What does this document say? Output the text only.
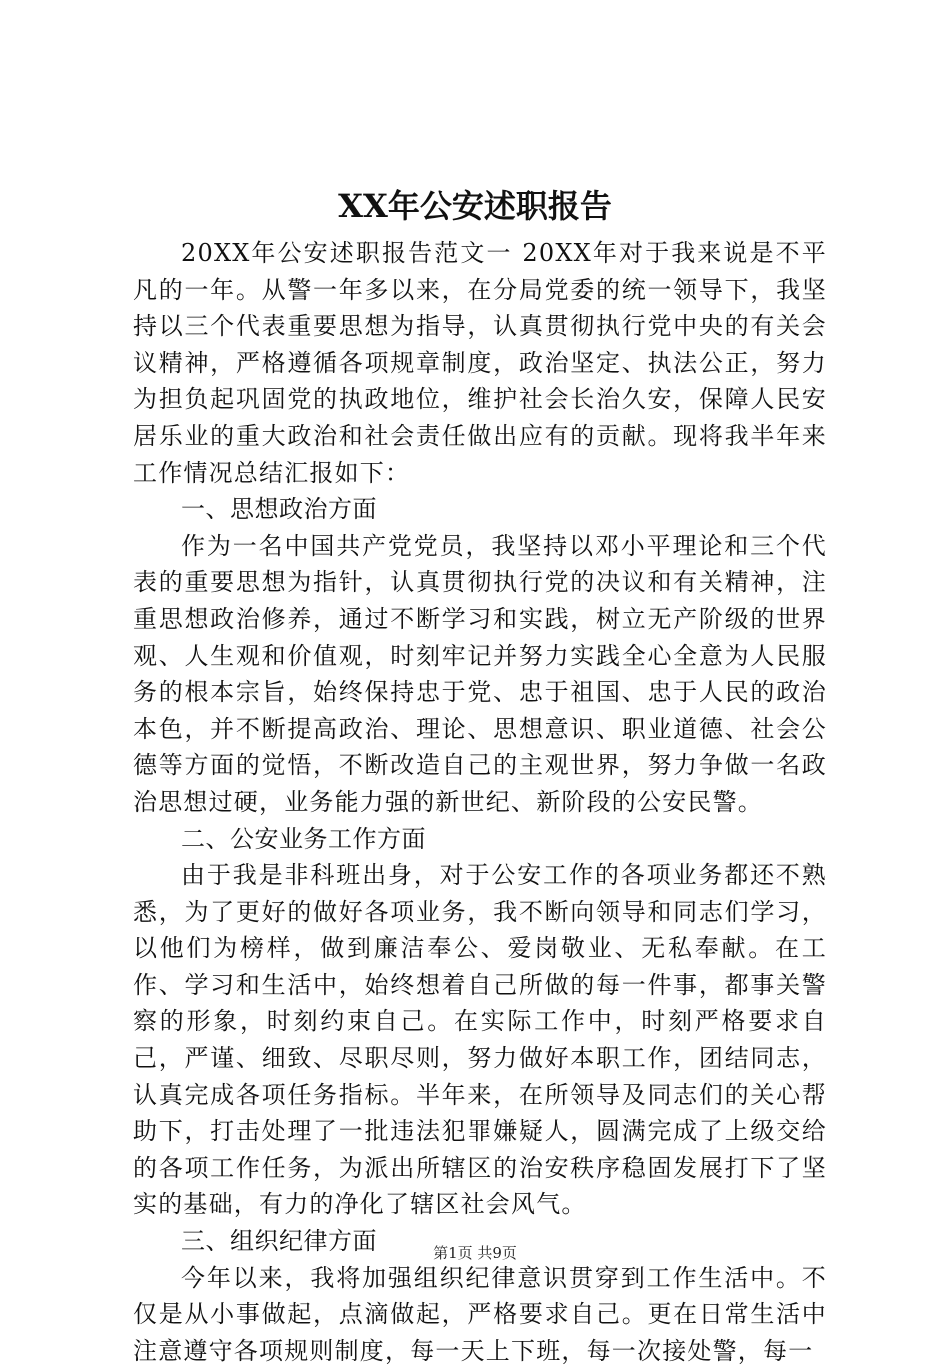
XX年公安述职报告

20XX年公安述职报告范文一 20XX年对于我来说是不平凡的一年。从警一年多以来，在分局党委的统一领导下，我坚持以三个代表重要思想为指导，认真贯彻执行党中央的有关会议精神，严格遵循各项规章制度，政治坚定、执法公正，努力为担负起巩固党的执政地位，维护社会长治久安，保障人民安居乐业的重大政治和社会责任做出应有的贡献。现将我半年来工作情况总结汇报如下：

一、思想政治方面

作为一名中国共产党党员，我坚持以邓小平理论和三个代表的重要思想为指针，认真贯彻执行党的决议和有关精神，注重思想政治修养，通过不断学习和实践，树立无产阶级的世界观、人生观和价值观，时刻牢记并努力实践全心全意为人民服务的根本宗旨，始终保持忠于党、忠于祖国、忠于人民的政治本色，并不断提高政治、理论、思想意识、职业道德、社会公德等方面的觉悟，不断改造自己的主观世界，努力争做一名政治思想过硬，业务能力强的新世纪、新阶段的公安民警。

二、公安业务工作方面

由于我是非科班出身，对于公安工作的各项业务都还不熟悉，为了更好的做好各项业务，我不断向领导和同志们学习，以他们为榜样，做到廉洁奉公、爱岗敬业、无私奉献。在工作、学习和生活中，始终想着自己所做的每一件事，都事关警察的形象，时刻约束自己。在实际工作中，时刻严格要求自己，严谨、细致、尽职尽则，努力做好本职工作，团结同志，认真完成各项任务指标。半年来，在所领导及同志们的关心帮助下，打击处理了一批违法犯罪嫌疑人，圆满完成了上级交给的各项工作任务，为派出所辖区的治安秩序稳固发展打下了坚实的基础，有力的净化了辖区社会风气。

三、组织纪律方面

今年以来，我将加强组织纪律意识贯穿到工作生活中。不仅是从小事做起，点滴做起，严格要求自己。更在日常生活中注意遵守各项规则制度，每一天上下班，每一次接处警，每一

第1页 共9页
